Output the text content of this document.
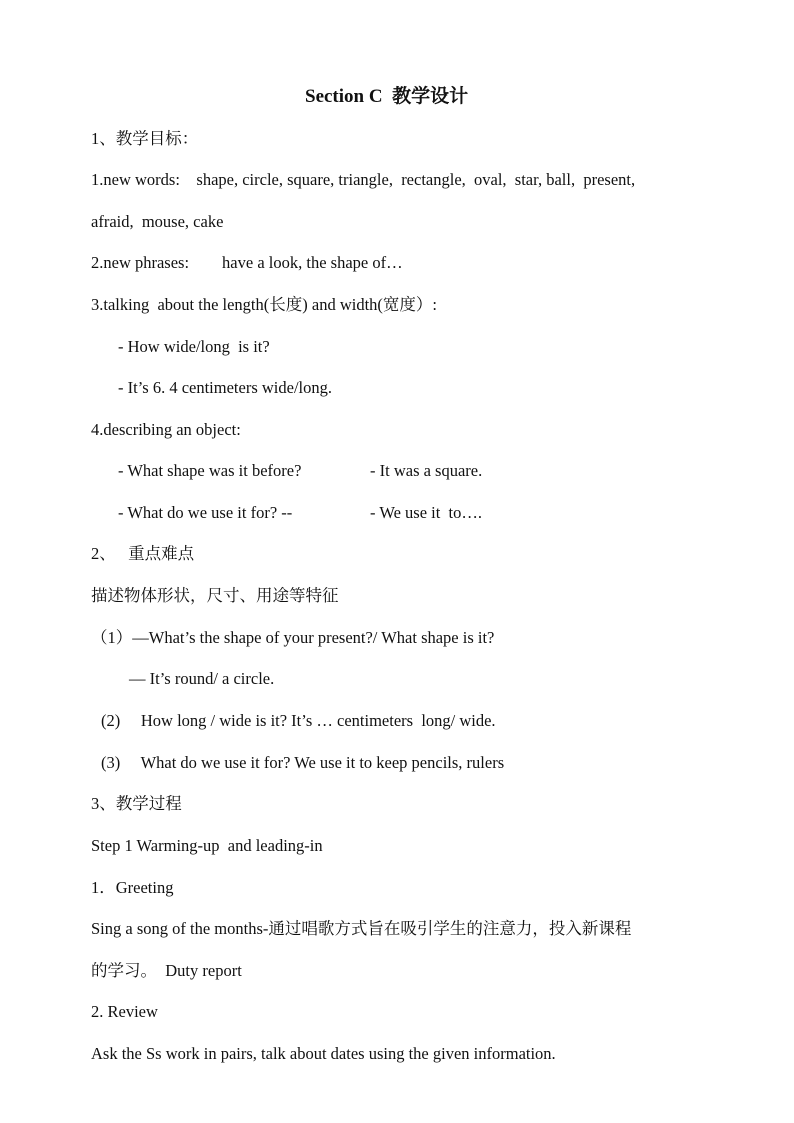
Section C  教学设计
1、教学目标：
1.new words:    shape, circle, square, triangle,  rectangle,  oval,  star, ball,  present,
afraid,  mouse, cake
2.new phrases:        have a look, the shape of…
3.talking  about the length(长度) and width(宽度）:
- How wide/long  is it?
- It’s 6. 4 centimeters wide/long.
4.describing an object:
- What shape was it before?	- It was a square.
- What do we use it for? --	- We use it  to….
2、   重点难点
描述物体形状，尺寸、用途等特征
（1）—What’s the shape of your present?/ What shape is it?
— It’s round/ a circle.
(2)     How long / wide is it? It’s … centimeters  long/ wide.
(3)     What do we use it for? We use it to keep pencils, rulers
3、教学过程
Step 1 Warming-up  and leading-in
1．Greeting
Sing a song of the months-通过唱歌方式旨在吸引学生的注意力，投入新课程
的学习。  Duty report
2. Review
Ask the Ss work in pairs, talk about dates using the given information.
